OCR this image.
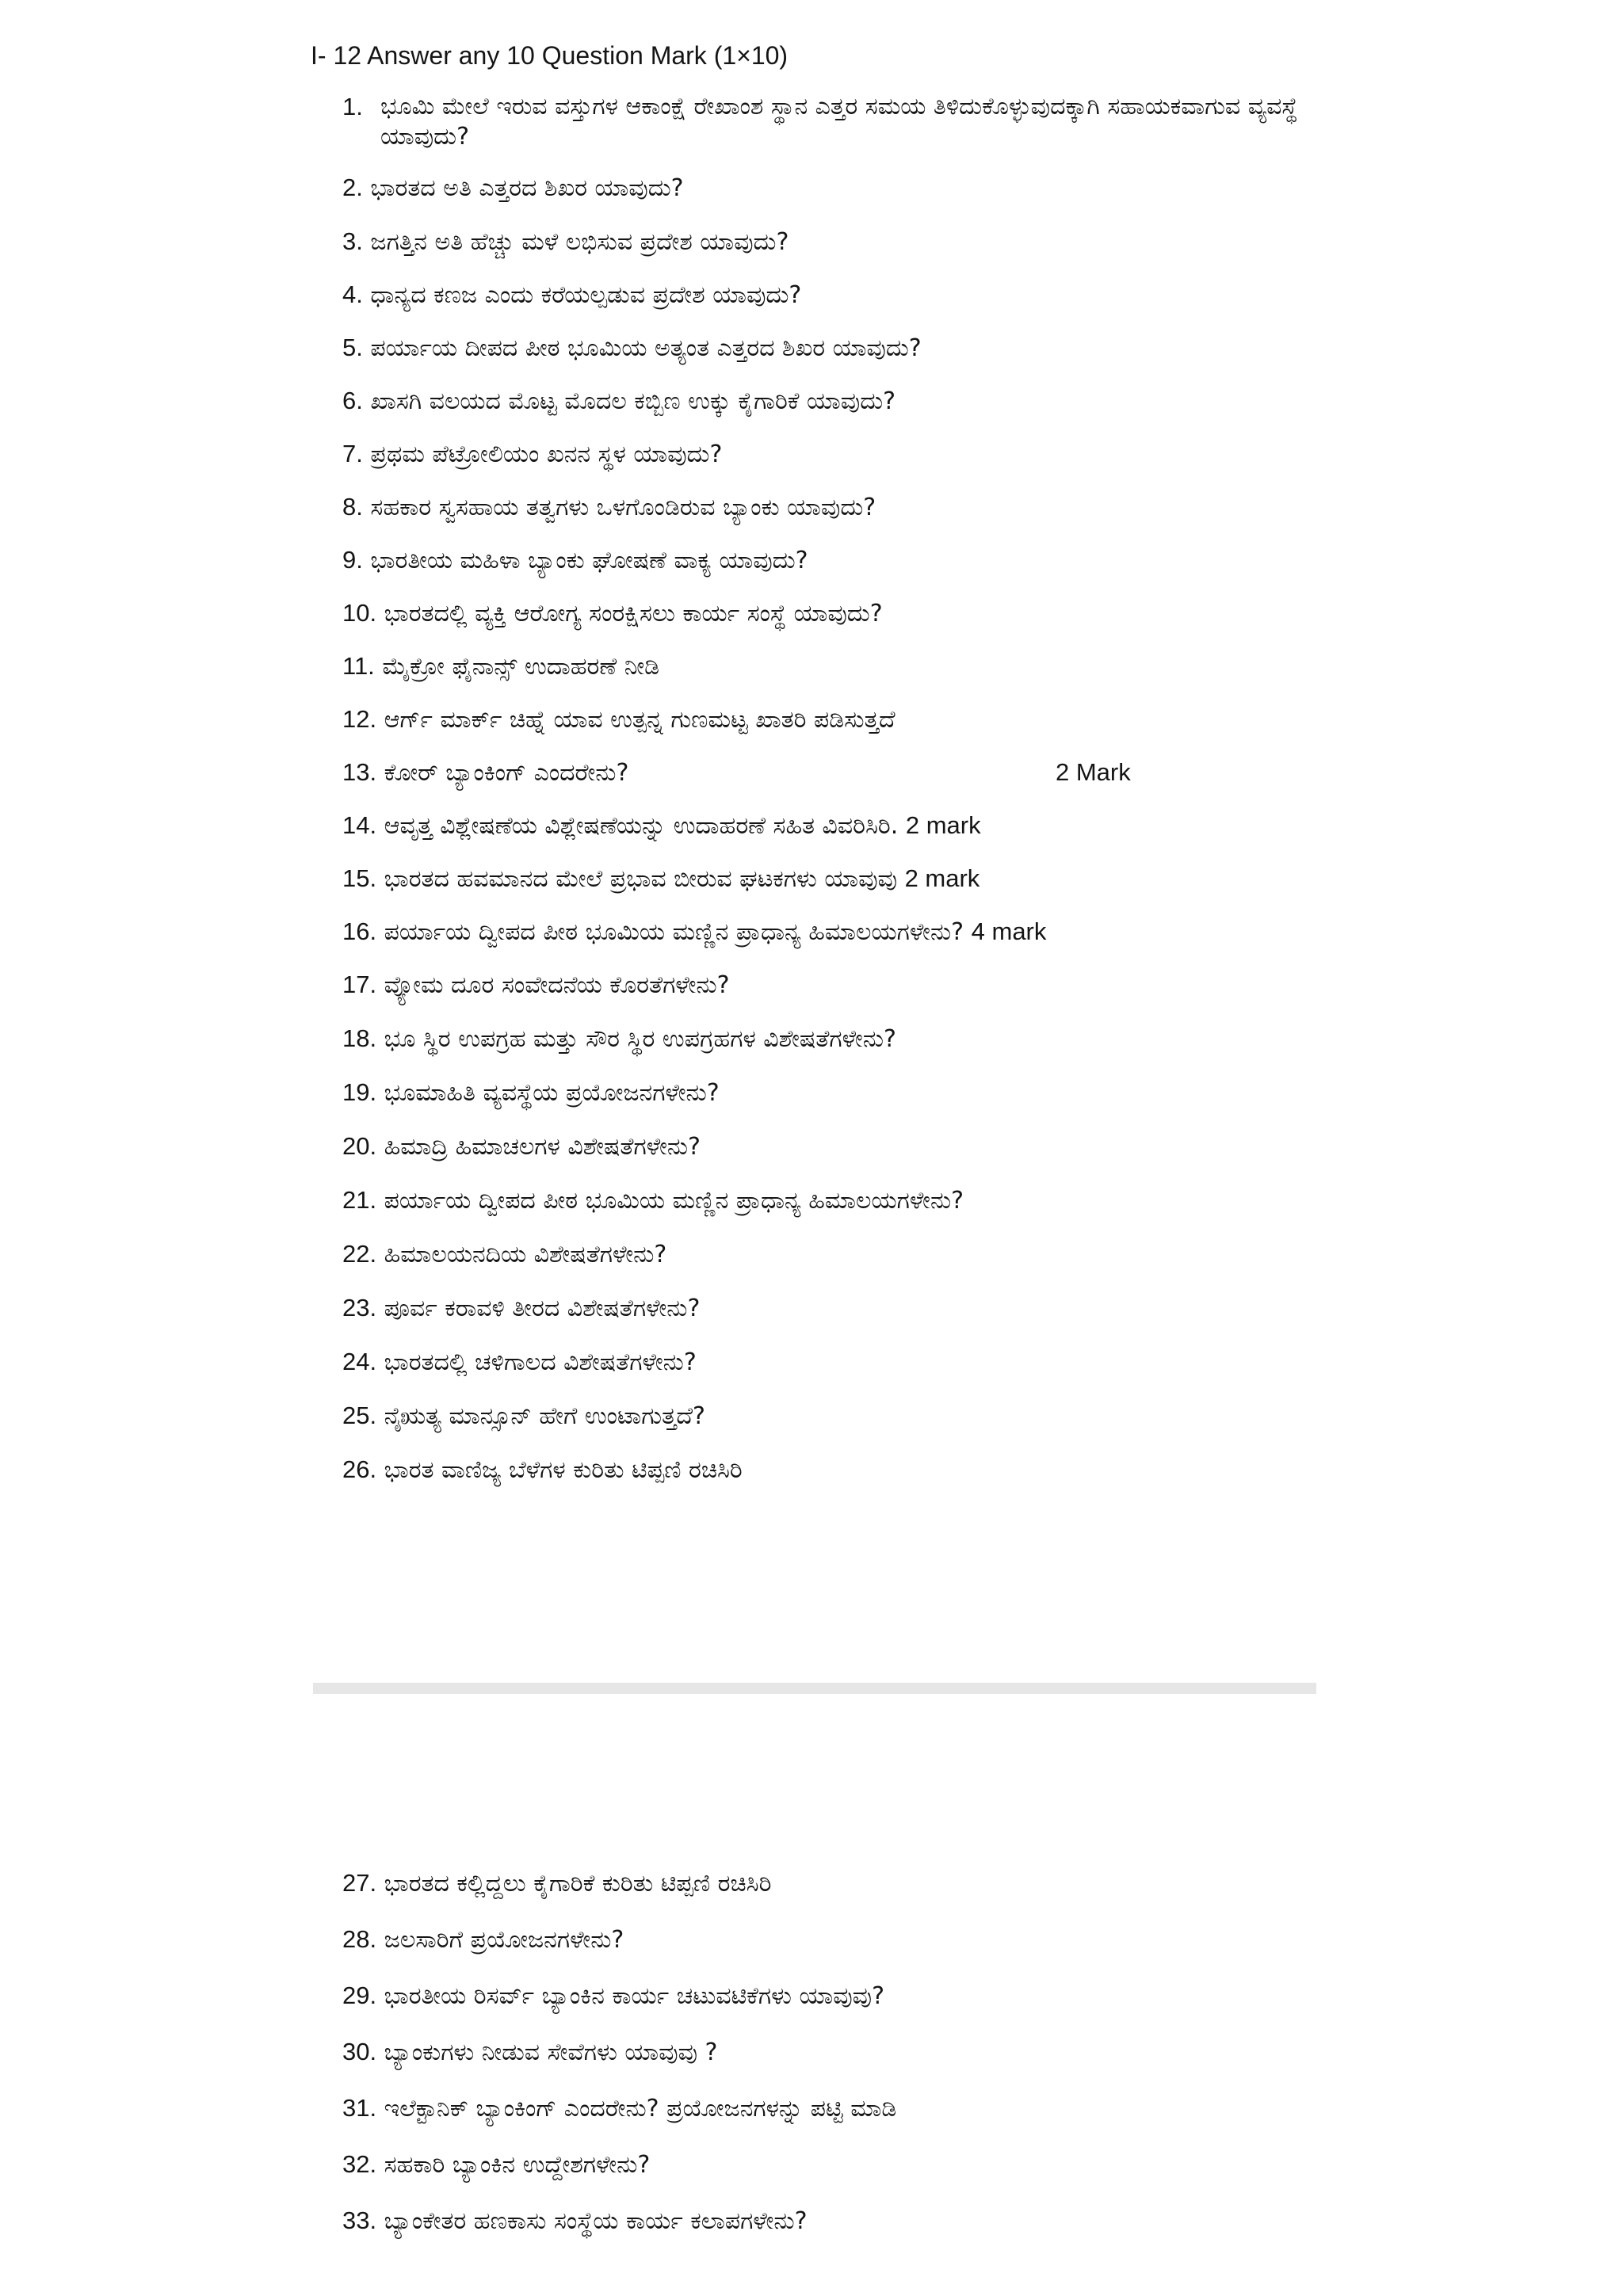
I- 12 Answer any 10 Question Mark (1×10)
1. ಭೂಮಿ ಮೇಲೆ ಇರುವ ವಸ್ತುಗಳ ಆಕಾಂಕ್ಷೆ ರೇಖಾಂಶ ಸ್ಥಾನ ಎತ್ತರ ಸಮಯ ತಿಳಿದುಕೊಳ್ಳುವುದಕ್ಕಾಗಿ ಸಹಾಯಕವಾಗುವ ವ್ಯವಸ್ಥೆ ಯಾವುದು?
2. ಭಾರತದ ಅತಿ ಎತ್ತರದ ಶಿಖರ ಯಾವುದು?
3. ಜಗತ್ತಿನ ಅತಿ ಹೆಚ್ಚು ಮಳೆ ಲಭಿಸುವ ಪ್ರದೇಶ ಯಾವುದು?
4. ಧಾನ್ಯದ ಕಣಜ ಎಂದು ಕರೆಯಲ್ಪಡುವ ಪ್ರದೇಶ ಯಾವುದು?
5. ಪರ್ಯಾಯ ದೀಪದ ಪೀಠ ಭೂಮಿಯ ಅತ್ಯಂತ ಎತ್ತರದ ಶಿಖರ ಯಾವುದು?
6. ಖಾಸಗಿ ವಲಯದ ಮೊಟ್ಟ ಮೊದಲ ಕಬ್ಬಿಣ ಉಕ್ಕು ಕೈಗಾರಿಕೆ ಯಾವುದು?
7. ಪ್ರಥಮ ಪೆಟ್ರೋಲಿಯಂ ಖನನ ಸ್ಥಳ ಯಾವುದು?
8. ಸಹಕಾರ ಸ್ವಸಹಾಯ ತತ್ವಗಳು ಒಳಗೊಂಡಿರುವ ಬ್ಯಾಂಕು ಯಾವುದು?
9. ಭಾರತೀಯ ಮಹಿಳಾ ಬ್ಯಾಂಕು ಘೋಷಣೆ ವಾಕ್ಯ ಯಾವುದು?
10. ಭಾರತದಲ್ಲಿ ವ್ಯಕ್ತಿ ಆರೋಗ್ಯ ಸಂರಕ್ಷಿಸಲು ಕಾರ್ಯ ಸಂಸ್ಥೆ ಯಾವುದು?
11. ಮೈಕ್ರೋ ಫೈನಾನ್ಸ್ ಉದಾಹರಣೆ ನೀಡಿ
12. ಆರ್ಗ್ ಮಾರ್ಕ್ ಚಿಹ್ನೆ ಯಾವ ಉತ್ಪನ್ನ ಗುಣಮಟ್ಟ ಖಾತರಿ ಪಡಿಸುತ್ತದೆ
13. ಕೋರ್ ಬ್ಯಾಂಕಿಂಗ್ ಎಂದರೇನು?	2 Mark
14. ಆವೃತ್ತ ವಿಶ್ಲೇಷಣೆಯ ವಿಶ್ಲೇಷಣೆಯನ್ನು ಉದಾಹರಣೆ ಸಹಿತ ವಿವರಿಸಿರಿ. 2 mark
15. ಭಾರತದ ಹವಮಾನದ ಮೇಲೆ ಪ್ರಭಾವ ಬೀರುವ ಘಟಕಗಳು ಯಾವುವು 2 mark
16. ಪರ್ಯಾಯ ದ್ವೀಪದ ಪೀಠ ಭೂಮಿಯ ಮಣ್ಣಿನ ಪ್ರಾಧಾನ್ಯ ಹಿಮಾಲಯಗಳೇನು? 4 mark
17. ವ್ಯೋಮ ದೂರ ಸಂವೇದನೆಯ ಕೊರತೆಗಳೇನು?
18. ಭೂ ಸ್ಥಿರ ಉಪಗ್ರಹ ಮತ್ತು ಸೌರ ಸ್ಥಿರ ಉಪಗ್ರಹಗಳ ವಿಶೇಷತೆಗಳೇನು?
19. ಭೂಮಾಹಿತಿ ವ್ಯವಸ್ಥೆಯ ಪ್ರಯೋಜನಗಳೇನು?
20. ಹಿಮಾದ್ರಿ ಹಿಮಾಚಲಗಳ ವಿಶೇಷತೆಗಳೇನು?
21. ಪರ್ಯಾಯ ದ್ವೀಪದ ಪೀಠ ಭೂಮಿಯ ಮಣ್ಣಿನ ಪ್ರಾಧಾನ್ಯ ಹಿಮಾಲಯಗಳೇನು?
22. ಹಿಮಾಲಯನದಿಯ ವಿಶೇಷತೆಗಳೇನು?
23. ಪೂರ್ವ ಕರಾವಳಿ ತೀರದ ವಿಶೇಷತೆಗಳೇನು?
24. ಭಾರತದಲ್ಲಿ ಚಳಿಗಾಲದ ವಿಶೇಷತೆಗಳೇನು?
25. ನೈಋತ್ಯ ಮಾನ್ಸೂನ್ ಹೇಗೆ ಉಂಟಾಗುತ್ತದೆ?
26. ಭಾರತ ವಾಣಿಜ್ಯ ಬೆಳೆಗಳ ಕುರಿತು ಟಿಪ್ಪಣಿ ರಚಿಸಿರಿ
27. ಭಾರತದ ಕಲ್ಲಿದ್ದಲು ಕೈಗಾರಿಕೆ ಕುರಿತು ಟಿಪ್ಪಣಿ ರಚಿಸಿರಿ
28. ಜಲಸಾರಿಗೆ ಪ್ರಯೋಜನಗಳೇನು?
29. ಭಾರತೀಯ ರಿಸರ್ವ್ ಬ್ಯಾಂಕಿನ ಕಾರ್ಯ ಚಟುವಟಿಕೆಗಳು ಯಾವುವು?
30. ಬ್ಯಾಂಕುಗಳು ನೀಡುವ ಸೇವೆಗಳು ಯಾವುವು ?
31. ಇಲೆಕ್ಟಾನಿಕ್ ಬ್ಯಾಂಕಿಂಗ್ ಎಂದರೇನು? ಪ್ರಯೋಜನಗಳನ್ನು ಪಟ್ಟಿ ಮಾಡಿ
32. ಸಹಕಾರಿ ಬ್ಯಾಂಕಿನ ಉದ್ದೇಶಗಳೇನು?
33. ಬ್ಯಾಂಕೇತರ ಹಣಕಾಸು ಸಂಸ್ಥೆಯ ಕಾರ್ಯ ಕಲಾಪಗಳೇನು?
